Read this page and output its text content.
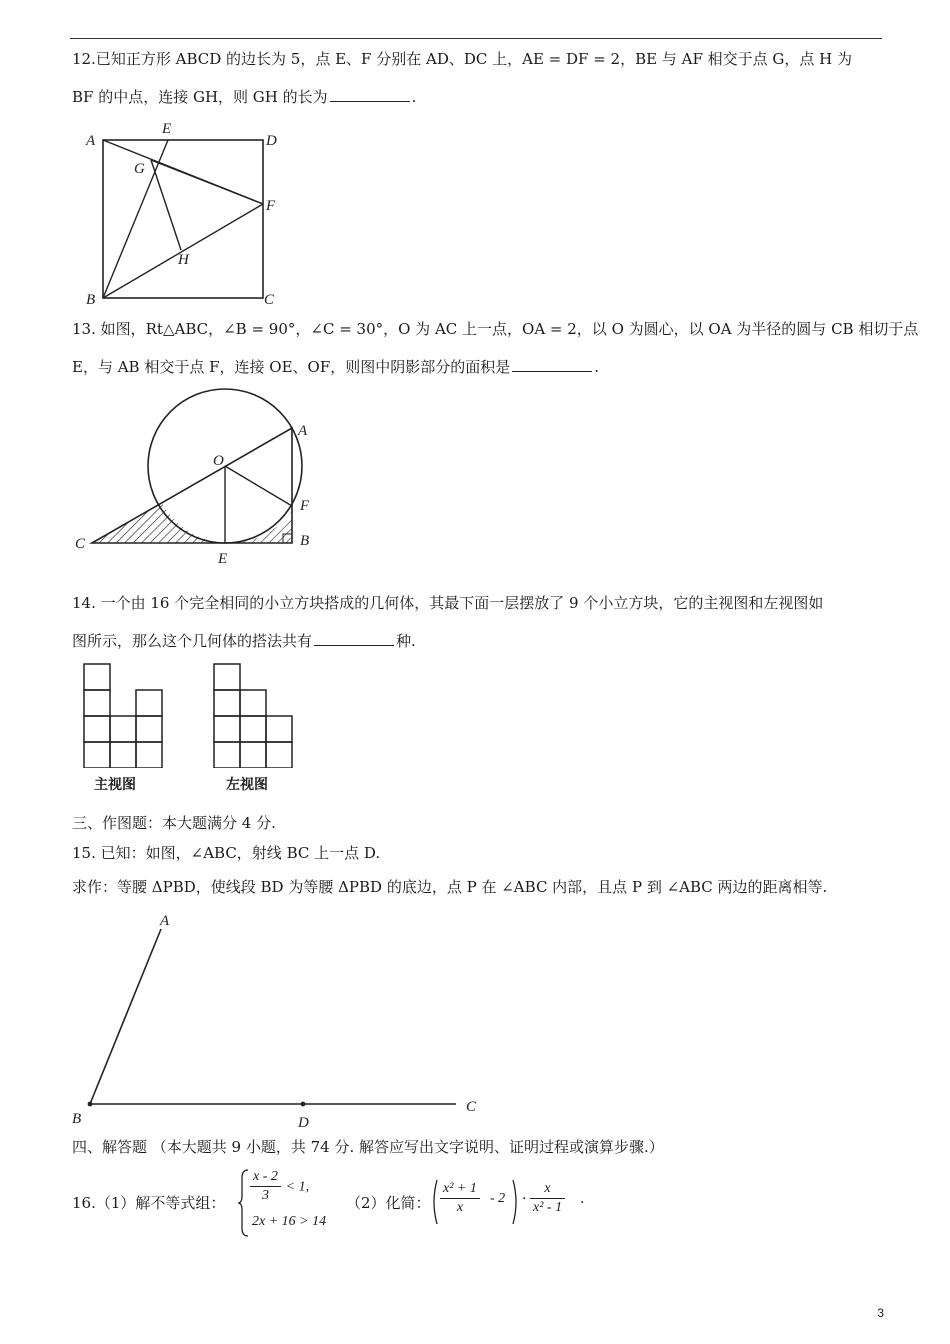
12.已知正方形 ABCD 的边长为 5，点 E、F 分别在 AD、DC 上，AE = DF = 2，BE 与 AF 相交于点 G，点 H 为
BF 的中点，连接 GH，则 GH 的长为	.
A
E
D
G
F
H
B	C
13. 如图，Rt△ABC，∠B = 90°，∠C = 30°，O 为 AC 上一点，OA = 2，以 O 为圆心，以 OA 为半径的圆与 CB 相切于点
E，与 AB 相交于点 F，连接 OE、OF，则图中阴影部分的面积是	.
A
O
F
C
E
B
14. 一个由 16 个完全相同的小立方块搭成的几何体，其最下面一层摆放了 9 个小立方块，它的主视图和左视图如
图所示，那么这个几何体的搭法共有	种.
主视图	左视图
三、作图题：本大题满分 4 分.
15. 已知：如图，∠ABC，射线 BC 上一点 D.
求作：等腰 ΔPBD，使线段 BD 为等腰 ΔPBD 的底边，点 P 在 ∠ABC 内部，且点 P 到 ∠ABC 两边的距离相等.
A
B	D
C
四、解答题 （本大题共 9 小题，共 74 分. 解答应写出文字说明、证明过程或演算步骤.）
16.（1）解不等式组： $\frac{x - 2}{3} < 1$,
2x + 16 > 14
（2）化简： $\frac{\text{x² + 1}}{x} - 2 \cdot \frac{x}{\text{x² - 1}}$ .
3
